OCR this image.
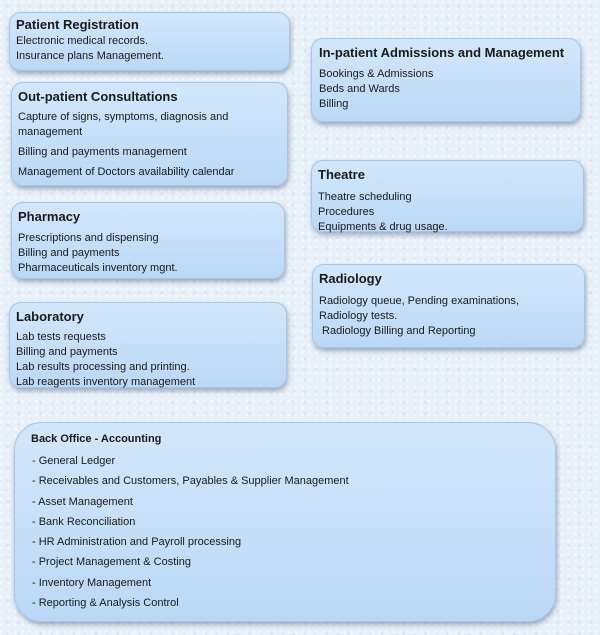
Patient Registration
Electronic medical records.
Insurance plans Management.
Out-patient Consultations
Capture of signs, symptoms, diagnosis and management
Billing and payments management
Management of Doctors availability calendar
Pharmacy
Prescriptions and dispensing
Billing and payments
Pharmaceuticals inventory mgnt.
Laboratory
Lab tests requests
Billing and payments
Lab results processing and printing.
Lab reagents inventory management
In-patient Admissions and Management
Bookings & Admissions
Beds and Wards
Billing
Theatre
Theatre scheduling
Procedures
Equipments & drug usage.
Radiology
Radiology queue, Pending examinations,
Radiology tests.
Radiology Billing and Reporting
Back Office - Accounting
- General Ledger
- Receivables and Customers, Payables & Supplier Management
- Asset Management
- Bank Reconciliation
- HR Administration and Payroll processing
- Project Management & Costing
- Inventory Management
- Reporting & Analysis Control
